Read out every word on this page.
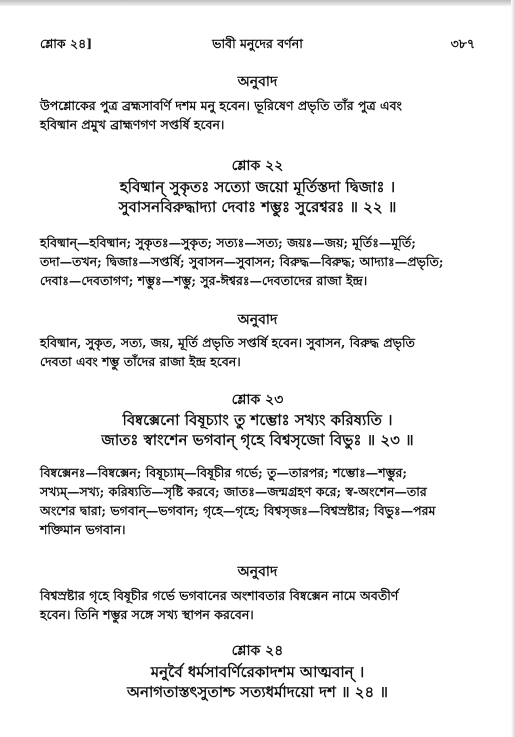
শ্লোক ২৪]	ভাবী মনুদের বর্ণনা	৩৮৭
অনুবাদ

উপশ্লোকের পুত্র ব্রহ্মসাবর্ণি দশম মনু হবেন। ভূরিষেণ প্রভৃতি তাঁর পুত্র এবং

হবিষ্মান প্রমুখ ব্রাহ্মণগণ সপ্তর্ষি হবেন।

শ্লোক ২২
হবিষ্মান্ সুকৃতঃ সত্যো জয়ো মূর্তিস্তদা দ্বিজাঃ ।
সুবাসনবিরুদ্ধাদ্যা দেবাঃ শম্ভুঃ সুরেশ্বরঃ ॥ ২২ ॥

হবিষ্মান্—হবিষ্মান; সুকৃতঃ—সুকৃত; সত্যঃ—সত্য; জয়ঃ—জয়; মূর্তিঃ—মূর্তি;

তদা—তখন; দ্বিজাঃ—সপ্তর্ষি; সুবাসন—সুবাসন; বিরুদ্ধ—বিরুদ্ধ; আদ্যাঃ—প্রভৃতি;

দেবাঃ—দেবতাগণ; শম্ভুঃ—শম্ভু; সুর-ঈশ্বরঃ—দেবতাদের রাজা ইন্দ্র।

অনুবাদ

হবিষ্মান, সুকৃত, সত্য, জয়, মূর্তি প্রভৃতি সপ্তর্ষি হবেন। সুবাসন, বিরুদ্ধ প্রভৃতি

দেবতা এবং শম্ভু তাঁদের রাজা ইন্দ্র হবেন।

শ্লোক ২৩
বিষ্বক্সেনো বিষূচ্যাং তু শম্ভোঃ সখ্যং করিষ্যতি ।
জাতঃ স্বাংশেন ভগবান্ গৃহে বিশ্বসৃজো বিভুঃ ॥ ২৩ ॥

বিষ্বক্সেনঃ—বিষ্বক্সেন; বিষূচ্যাম্—বিষূচীর গর্ভে; তু—তারপর; শম্ভোঃ—শম্ভুর;

সখ্যম্—সখ্য; করিষ্যতি—সৃষ্টি করবে; জাতঃ—জন্মগ্রহণ করে; স্ব-অংশেন—তার

অংশের দ্বারা; ভগবান্—ভগবান; গৃহে—গৃহে; বিশ্বসৃজঃ—বিশ্বস্রষ্টার; বিভুঃ—পরম

শক্তিমান ভগবান।

অনুবাদ

বিশ্বস্রষ্টার গৃহে বিষূচীর গর্ভে ভগবানের অংশাবতার বিষ্বক্সেন নামে অবতীর্ণ

হবেন। তিনি শম্ভুর সঙ্গে সখ্য স্থাপন করবেন।

শ্লোক ২৪
মনুর্বৈ ধর্মসাবর্ণিরেকাদশম আত্মবান্ ।
অনাগতাস্তৎসুতাশ্চ সত্যধর্মাদয়ো দশ ॥ ২৪ ॥
